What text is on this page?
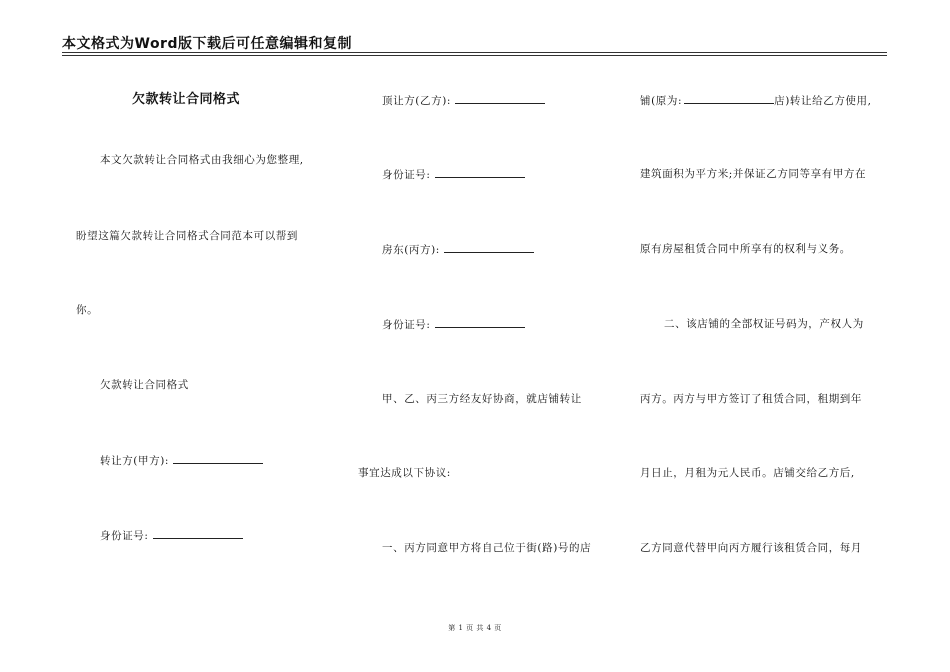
本文格式为Word版下载后可任意编辑和复制
欠款转让合同格式
本文欠款转让合同格式由我细心为您整理,
盼望这篇欠款转让合同格式合同范本可以帮到
你。
欠款转让合同格式
转让方(甲方):
身份证号:
顶让方(乙方):
身份证号:
房东(丙方):
身份证号:
甲、乙、丙三方经友好协商，就店铺转让
事宜达成以下协议:
一、丙方同意甲方将自己位于街(路)号的店
铺(原为:	店)转让给乙方使用,
建筑面积为平方米;并保证乙方同等享有甲方在
原有房屋租赁合同中所享有的权利与义务。
二、该店铺的全部权证号码为，产权人为
丙方。丙方与甲方签订了租赁合同，租期到年
月日止，月租为元人民币。店铺交给乙方后,
乙方同意代替甲向丙方履行该租赁合同，每月
第 1 页 共 4 页
